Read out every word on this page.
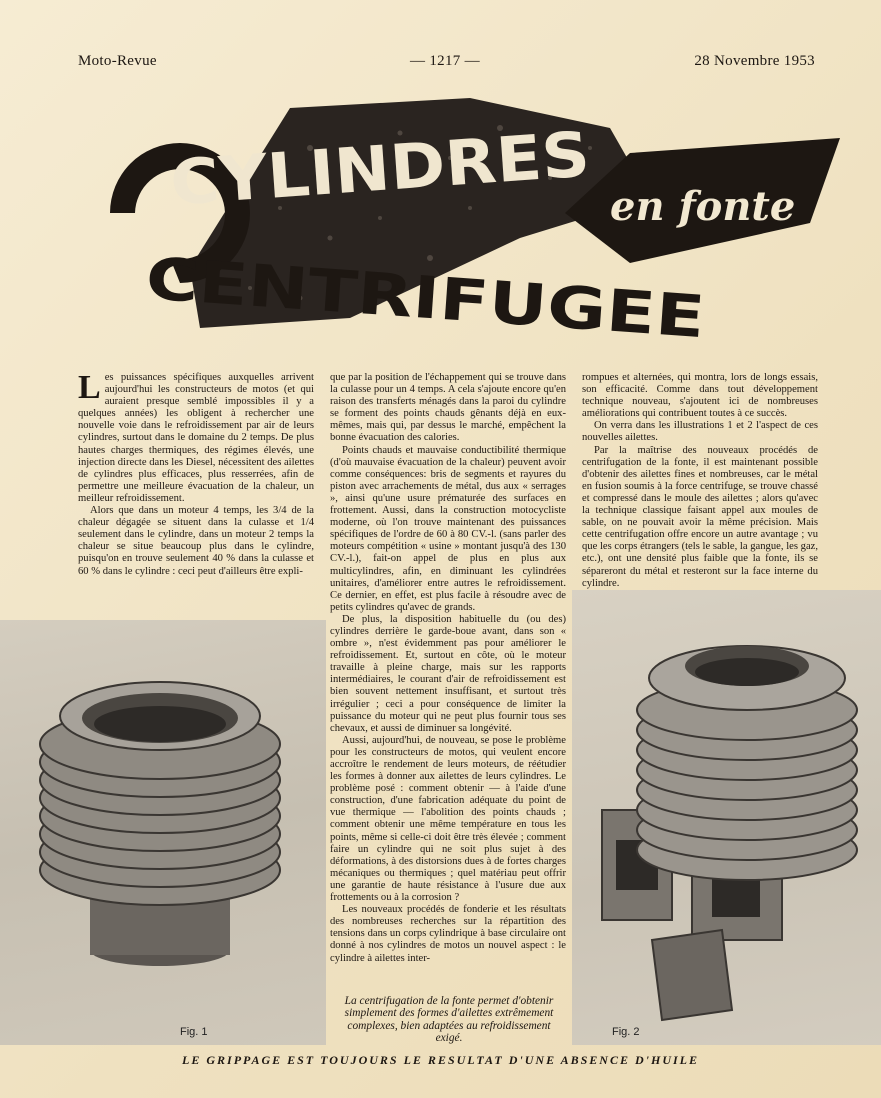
Moto-Revue	— 1217 —	28 Novembre 1953
CYLINDRES
CENTRIFUGEE
en fonte

Les puissances spécifiques auxquelles arrivent aujourd'hui les constructeurs de motos (et qui auraient presque semblé impossibles il y a quelques années) les obligent à rechercher une nouvelle voie dans le refroidissement par air de leurs cylindres, surtout dans le domaine du 2 temps. De plus hautes charges thermiques, des régimes élevés, une injection directe dans les Diesel, nécessitent des ailettes de cylindres plus efficaces, plus resserrées, afin de permettre une meilleure évacuation de la chaleur, un meilleur refroidissement.

Alors que dans un moteur 4 temps, les 3/4 de la chaleur dégagée se situent dans la culasse et 1/4 seulement dans le cylindre, dans un moteur 2 temps la chaleur se situe beaucoup plus dans le cylindre, puisqu'on en trouve seulement 40 % dans la culasse et 60 % dans le cylindre : ceci peut d'ailleurs être expli-

que par la position de l'échappement qui se trouve dans la culasse pour un 4 temps. A cela s'ajoute encore qu'en raison des transferts ménagés dans la paroi du cylindre se forment des points chauds gênants déjà en eux-mêmes, mais qui, par dessus le marché, empêchent la bonne évacuation des calories.

Points chauds et mauvaise conductibilité thermique (d'où mauvaise évacuation de la chaleur) peuvent avoir comme conséquences: bris de segments et rayures du piston avec arrachements de métal, dus aux « serrages », ainsi qu'une usure prématurée des surfaces en frottement. Aussi, dans la construction motocycliste moderne, où l'on trouve maintenant des puissances spécifiques de l'ordre de 60 à 80 CV.-l. (sans parler des moteurs compétition « usine » montant jusqu'à des 130 CV.-l.), fait-on appel de plus en plus aux multicylindres, afin, en diminuant les cylindrées unitaires, d'améliorer entre autres le refroidissement. Ce dernier, en effet, est plus facile à résoudre avec de petits cylindres qu'avec de grands.

De plus, la disposition habituelle du (ou des) cylindres derrière le garde-boue avant, dans son « ombre », n'est évidemment pas pour améliorer le refroidissement. Et, surtout en côte, où le moteur travaille à pleine charge, mais sur les rapports intermédiaires, le courant d'air de refroidissement est bien souvent nettement insuffisant, et surtout très irrégulier ; ceci a pour conséquence de limiter la puissance du moteur qui ne peut plus fournir tous ses chevaux, et aussi de diminuer sa longévité.

Aussi, aujourd'hui, de nouveau, se pose le problème pour les constructeurs de motos, qui veulent encore accroître le rendement de leurs moteurs, de réétudier les formes à donner aux ailettes de leurs cylindres. Le problème posé : comment obtenir — à l'aide d'une construction, d'une fabrication adéquate du point de vue thermique — l'abolition des points chauds ; comment obtenir une même température en tous les points, même si celle-ci doit être très élevée ; comment faire un cylindre qui ne soit plus sujet à des déformations, à des distorsions dues à de fortes charges mécaniques ou thermiques ; quel matériau peut offrir une garantie de haute résistance à l'usure due aux frottements ou à la corrosion ?

Les nouveaux procédés de fonderie et les résultats des nombreuses recherches sur la répartition des tensions dans un corps cylindrique à base circulaire ont donné à nos cylindres de motos un nouvel aspect : le cylindre à ailettes inter-

rompues et alternées, qui montra, lors de longs essais, son efficacité. Comme dans tout développement technique nouveau, s'ajoutent ici de nombreuses améliorations qui contribuent toutes à ce succès.

On verra dans les illustrations 1 et 2 l'aspect de ces nouvelles ailettes.

Par la maîtrise des nouveaux procédés de centrifugation de la fonte, il est maintenant possible d'obtenir des ailettes fines et nombreuses, car le métal en fusion soumis à la force centrifuge, se trouve chassé et compressé dans le moule des ailettes ; alors qu'avec la technique classique faisant appel aux moules de sable, on ne pouvait avoir la même précision. Mais cette centrifugation offre encore un autre avantage ; vu que les corps étrangers (tels le sable, la gangue, les gaz, etc.), ont une densité plus faible que la fonte, ils se sépareront du métal et resteront sur la face interne du cylindre.

Fig. 1	Fig. 2
La centrifugation de la fonte permet d'obtenir simplement des formes d'ailettes extrêmement complexes, bien adaptées au refroidissement exigé.
LE GRIPPAGE EST TOUJOURS LE RESULTAT D'UNE ABSENCE D'HUILE
